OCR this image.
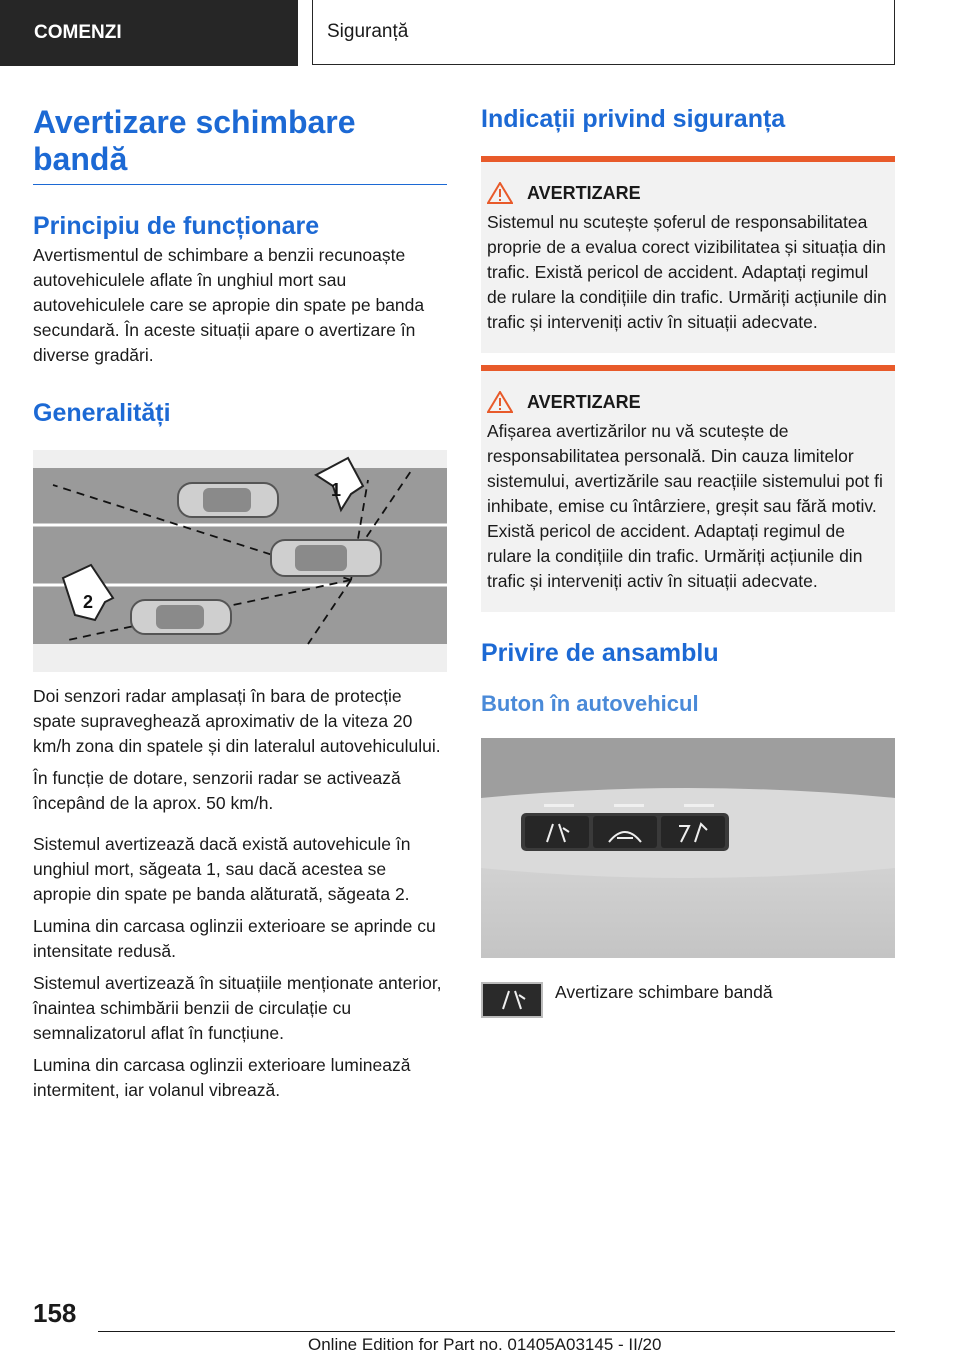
COMENZI	Siguranță
Avertizare schimbare
bandă
Principiu de funcționare

Avertismentul de schimbare a benzii recunoaște autovehiculele aflate în unghiul mort sau autovehiculele care se apropie din spate pe banda secundară. În aceste situații apare o avertizare în diverse gradări.

Generalități
1
2

Doi senzori radar amplasați în bara de protecție spate supraveghează aproximativ de la viteza 20 km/h zona din spatele și din lateralul autovehiculului.

În funcție de dotare, senzorii radar se activează începând de la aprox. 50 km/h.

Sistemul avertizează dacă există autovehicule în unghiul mort, săgeata 1, sau dacă acestea se apropie din spate pe banda alăturată, săgeata 2.

Lumina din carcasa oglinzii exterioare se aprinde cu intensitate redusă.

Sistemul avertizează în situațiile menționate anterior, înaintea schimbării benzii de circulație cu semnalizatorul aflat în funcțiune.

Lumina din carcasa oglinzii exterioare luminează intermitent, iar volanul vibrează.

Indicații privind siguranța
AVERTIZARE

Sistemul nu scutește șoferul de responsabilitatea proprie de a evalua corect vizibilitatea și situația din trafic. Există pericol de accident. Adaptați regimul de rulare la condițiile din trafic. Urmăriți acțiunile din trafic și interveniți activ în situații adecvate.

AVERTIZARE

Afișarea avertizărilor nu vă scutește de responsabilitatea personală. Din cauza limitelor sistemului, avertizările sau reacțiile sistemului pot fi inhibate, emise cu întârziere, greșit sau fără motiv. Există pericol de accident. Adaptați regimul de rulare la condițiile din trafic. Urmăriți acțiunile din trafic și interveniți activ în situații adecvate.

Privire de ansamblu
Buton în autovehicul
Avertizare schimbare bandă
158
Online Edition for Part no. 01405A03145 - II/20
